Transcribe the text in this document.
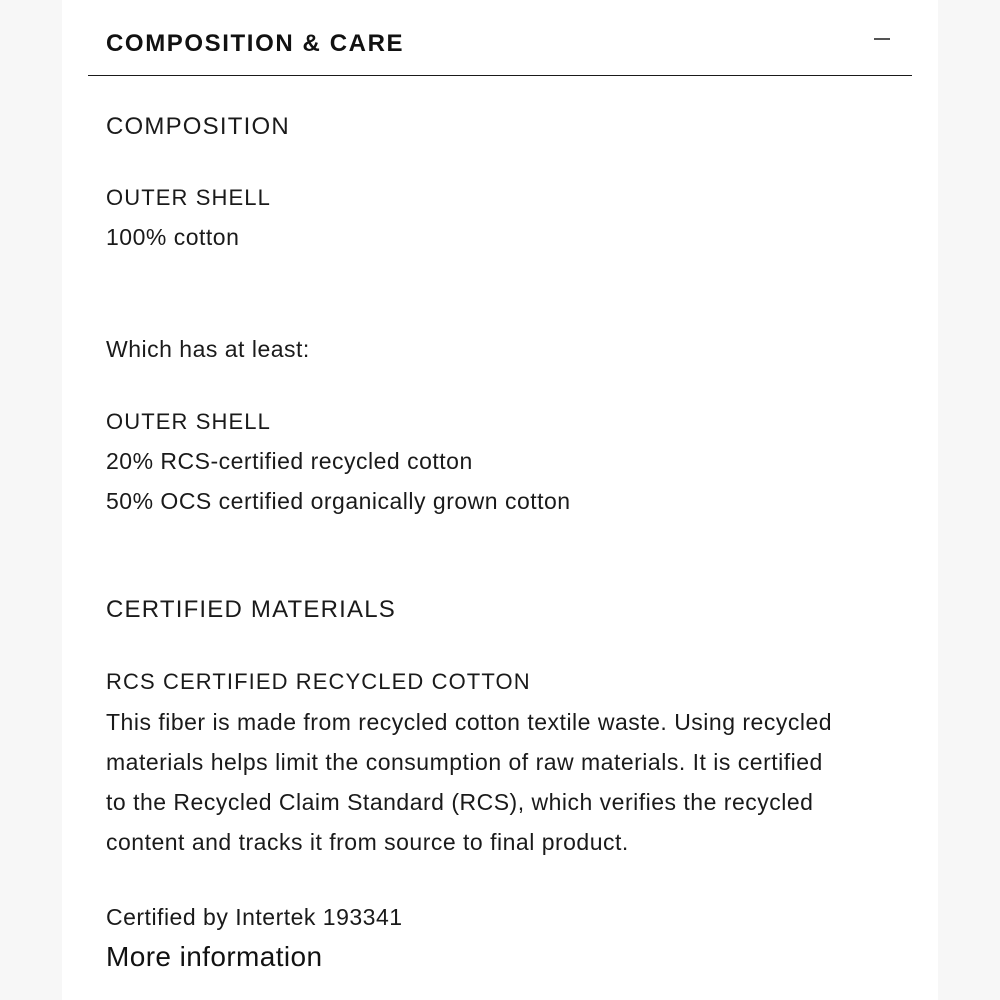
COMPOSITION & CARE
COMPOSITION
OUTER SHELL
100% cotton
Which has at least:
OUTER SHELL
20% RCS-certified recycled cotton
50% OCS certified organically grown cotton
CERTIFIED MATERIALS
RCS CERTIFIED RECYCLED COTTON
This fiber is made from recycled cotton textile waste. Using recycled
materials helps limit the consumption of raw materials. It is certified
to the Recycled Claim Standard (RCS), which verifies the recycled
content and tracks it from source to final product.
Certified by Intertek 193341
More information
